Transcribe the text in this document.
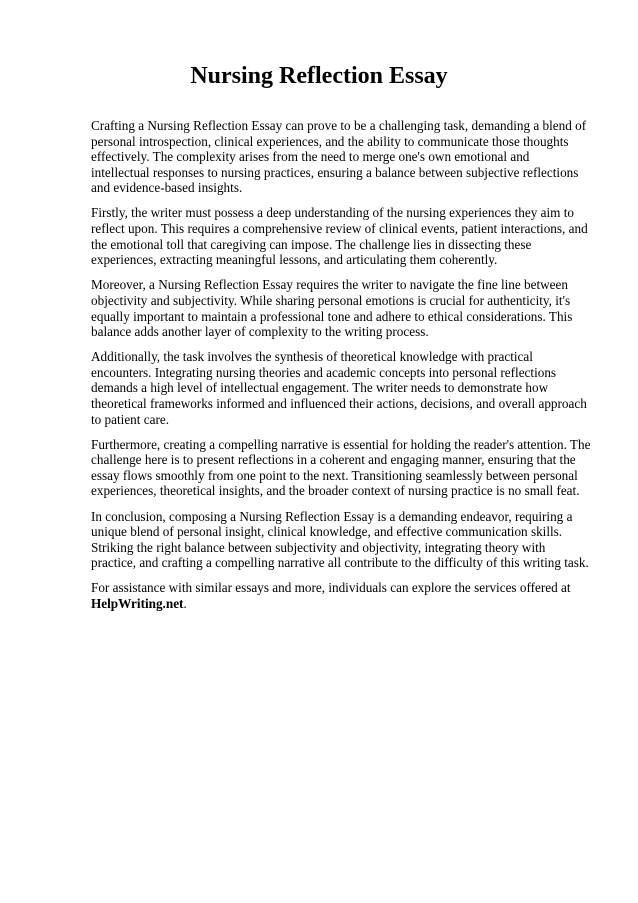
Nursing Reflection Essay

Crafting a Nursing Reflection Essay can prove to be a challenging task, demanding a blend of personal introspection, clinical experiences, and the ability to communicate those thoughts effectively. The complexity arises from the need to merge one's own emotional and intellectual responses to nursing practices, ensuring a balance between subjective reflections and evidence-based insights.

Firstly, the writer must possess a deep understanding of the nursing experiences they aim to reflect upon. This requires a comprehensive review of clinical events, patient interactions, and the emotional toll that caregiving can impose. The challenge lies in dissecting these experiences, extracting meaningful lessons, and articulating them coherently.

Moreover, a Nursing Reflection Essay requires the writer to navigate the fine line between objectivity and subjectivity. While sharing personal emotions is crucial for authenticity, it's equally important to maintain a professional tone and adhere to ethical considerations. This balance adds another layer of complexity to the writing process.

Additionally, the task involves the synthesis of theoretical knowledge with practical encounters. Integrating nursing theories and academic concepts into personal reflections demands a high level of intellectual engagement. The writer needs to demonstrate how theoretical frameworks informed and influenced their actions, decisions, and overall approach to patient care.

Furthermore, creating a compelling narrative is essential for holding the reader's attention. The challenge here is to present reflections in a coherent and engaging manner, ensuring that the essay flows smoothly from one point to the next. Transitioning seamlessly between personal experiences, theoretical insights, and the broader context of nursing practice is no small feat.

In conclusion, composing a Nursing Reflection Essay is a demanding endeavor, requiring a unique blend of personal insight, clinical knowledge, and effective communication skills. Striking the right balance between subjectivity and objectivity, integrating theory with practice, and crafting a compelling narrative all contribute to the difficulty of this writing task.

For assistance with similar essays and more, individuals can explore the services offered at
HelpWriting.net.
